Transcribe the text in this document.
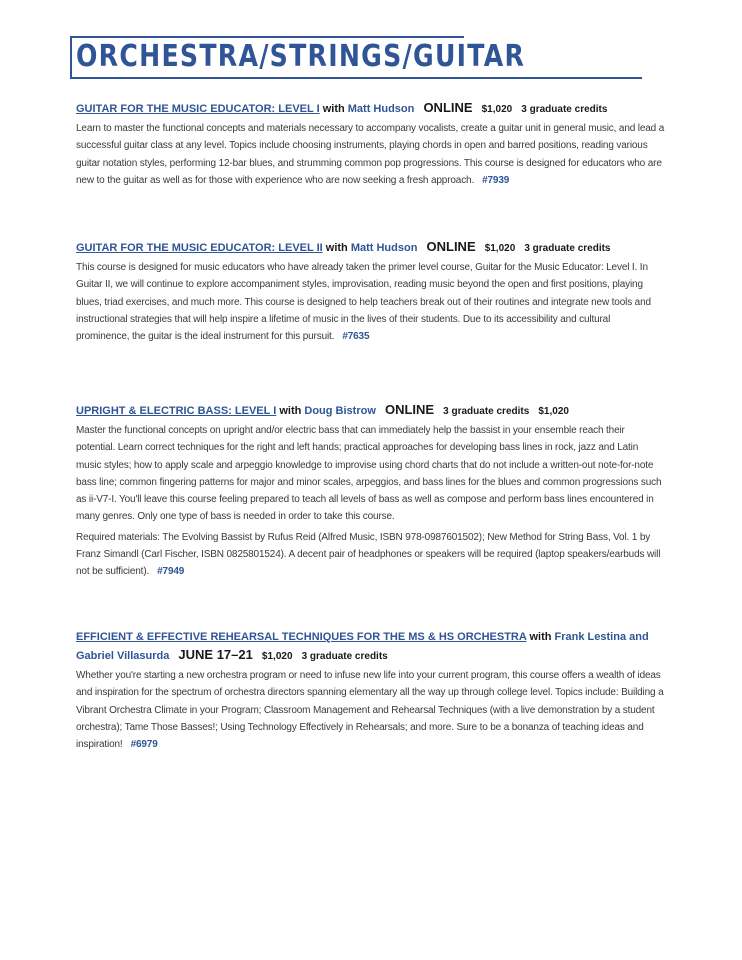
ORCHESTRA/STRINGS/GUITAR

GUITAR FOR THE MUSIC EDUCATOR: LEVEL I with Matt Hudson ONLINE $1,020 3 graduate credits

Learn to master the functional concepts and materials necessary to accompany vocalists, create a guitar unit in general music, and lead a successful guitar class at any level. Topics include choosing instruments, playing chords in open and barred positions, reading various guitar notation styles, performing 12-bar blues, and strumming common pop progressions. This course is designed for educators who are new to the guitar as well as for those with experience who are now seeking a fresh approach. #7939

GUITAR FOR THE MUSIC EDUCATOR: LEVEL II with Matt Hudson ONLINE $1,020 3 graduate credits

This course is designed for music educators who have already taken the primer level course, Guitar for the Music Educator: Level I. In Guitar II, we will continue to explore accompaniment styles, improvisation, reading music beyond the open and first positions, playing blues, triad exercises, and much more. This course is designed to help teachers break out of their routines and integrate new tools and instructional strategies that will help inspire a lifetime of music in the lives of their students. Due to its accessibility and cultural prominence, the guitar is the ideal instrument for this pursuit. #7635

UPRIGHT & ELECTRIC BASS: LEVEL I with Doug Bistrow ONLINE 3 graduate credits $1,020

Master the functional concepts on upright and/or electric bass that can immediately help the bassist in your ensemble reach their potential. Learn correct techniques for the right and left hands; practical approaches for developing bass lines in rock, jazz and Latin music styles; how to apply scale and arpeggio knowledge to improvise using chord charts that do not include a written-out note-for-note bass line; common fingering patterns for major and minor scales, arpeggios, and bass lines for the blues and common progressions such as ii-V7-I. You'll leave this course feeling prepared to teach all levels of bass as well as compose and perform bass lines encountered in many genres. Only one type of bass is needed in order to take this course.

Required materials: The Evolving Bassist by Rufus Reid (Alfred Music, ISBN 978-0987601502); New Method for String Bass, Vol. 1 by Franz Simandl (Carl Fischer, ISBN 0825801524). A decent pair of headphones or speakers will be required (laptop speakers/earbuds will not be sufficient). #7949

EFFICIENT & EFFECTIVE REHEARSAL TECHNIQUES FOR THE MS & HS ORCHESTRA with Frank Lestina and Gabriel Villasurda JUNE 17–21 $1,020 3 graduate credits

Whether you're starting a new orchestra program or need to infuse new life into your current program, this course offers a wealth of ideas and inspiration for the spectrum of orchestra directors spanning elementary all the way up through college level. Topics include: Building a Vibrant Orchestra Climate in your Program; Classroom Management and Rehearsal Techniques (with a live demonstration by a student orchestra); Tame Those Basses!; Using Technology Effectively in Rehearsals; and more. Sure to be a bonanza of teaching ideas and inspiration! #6979
